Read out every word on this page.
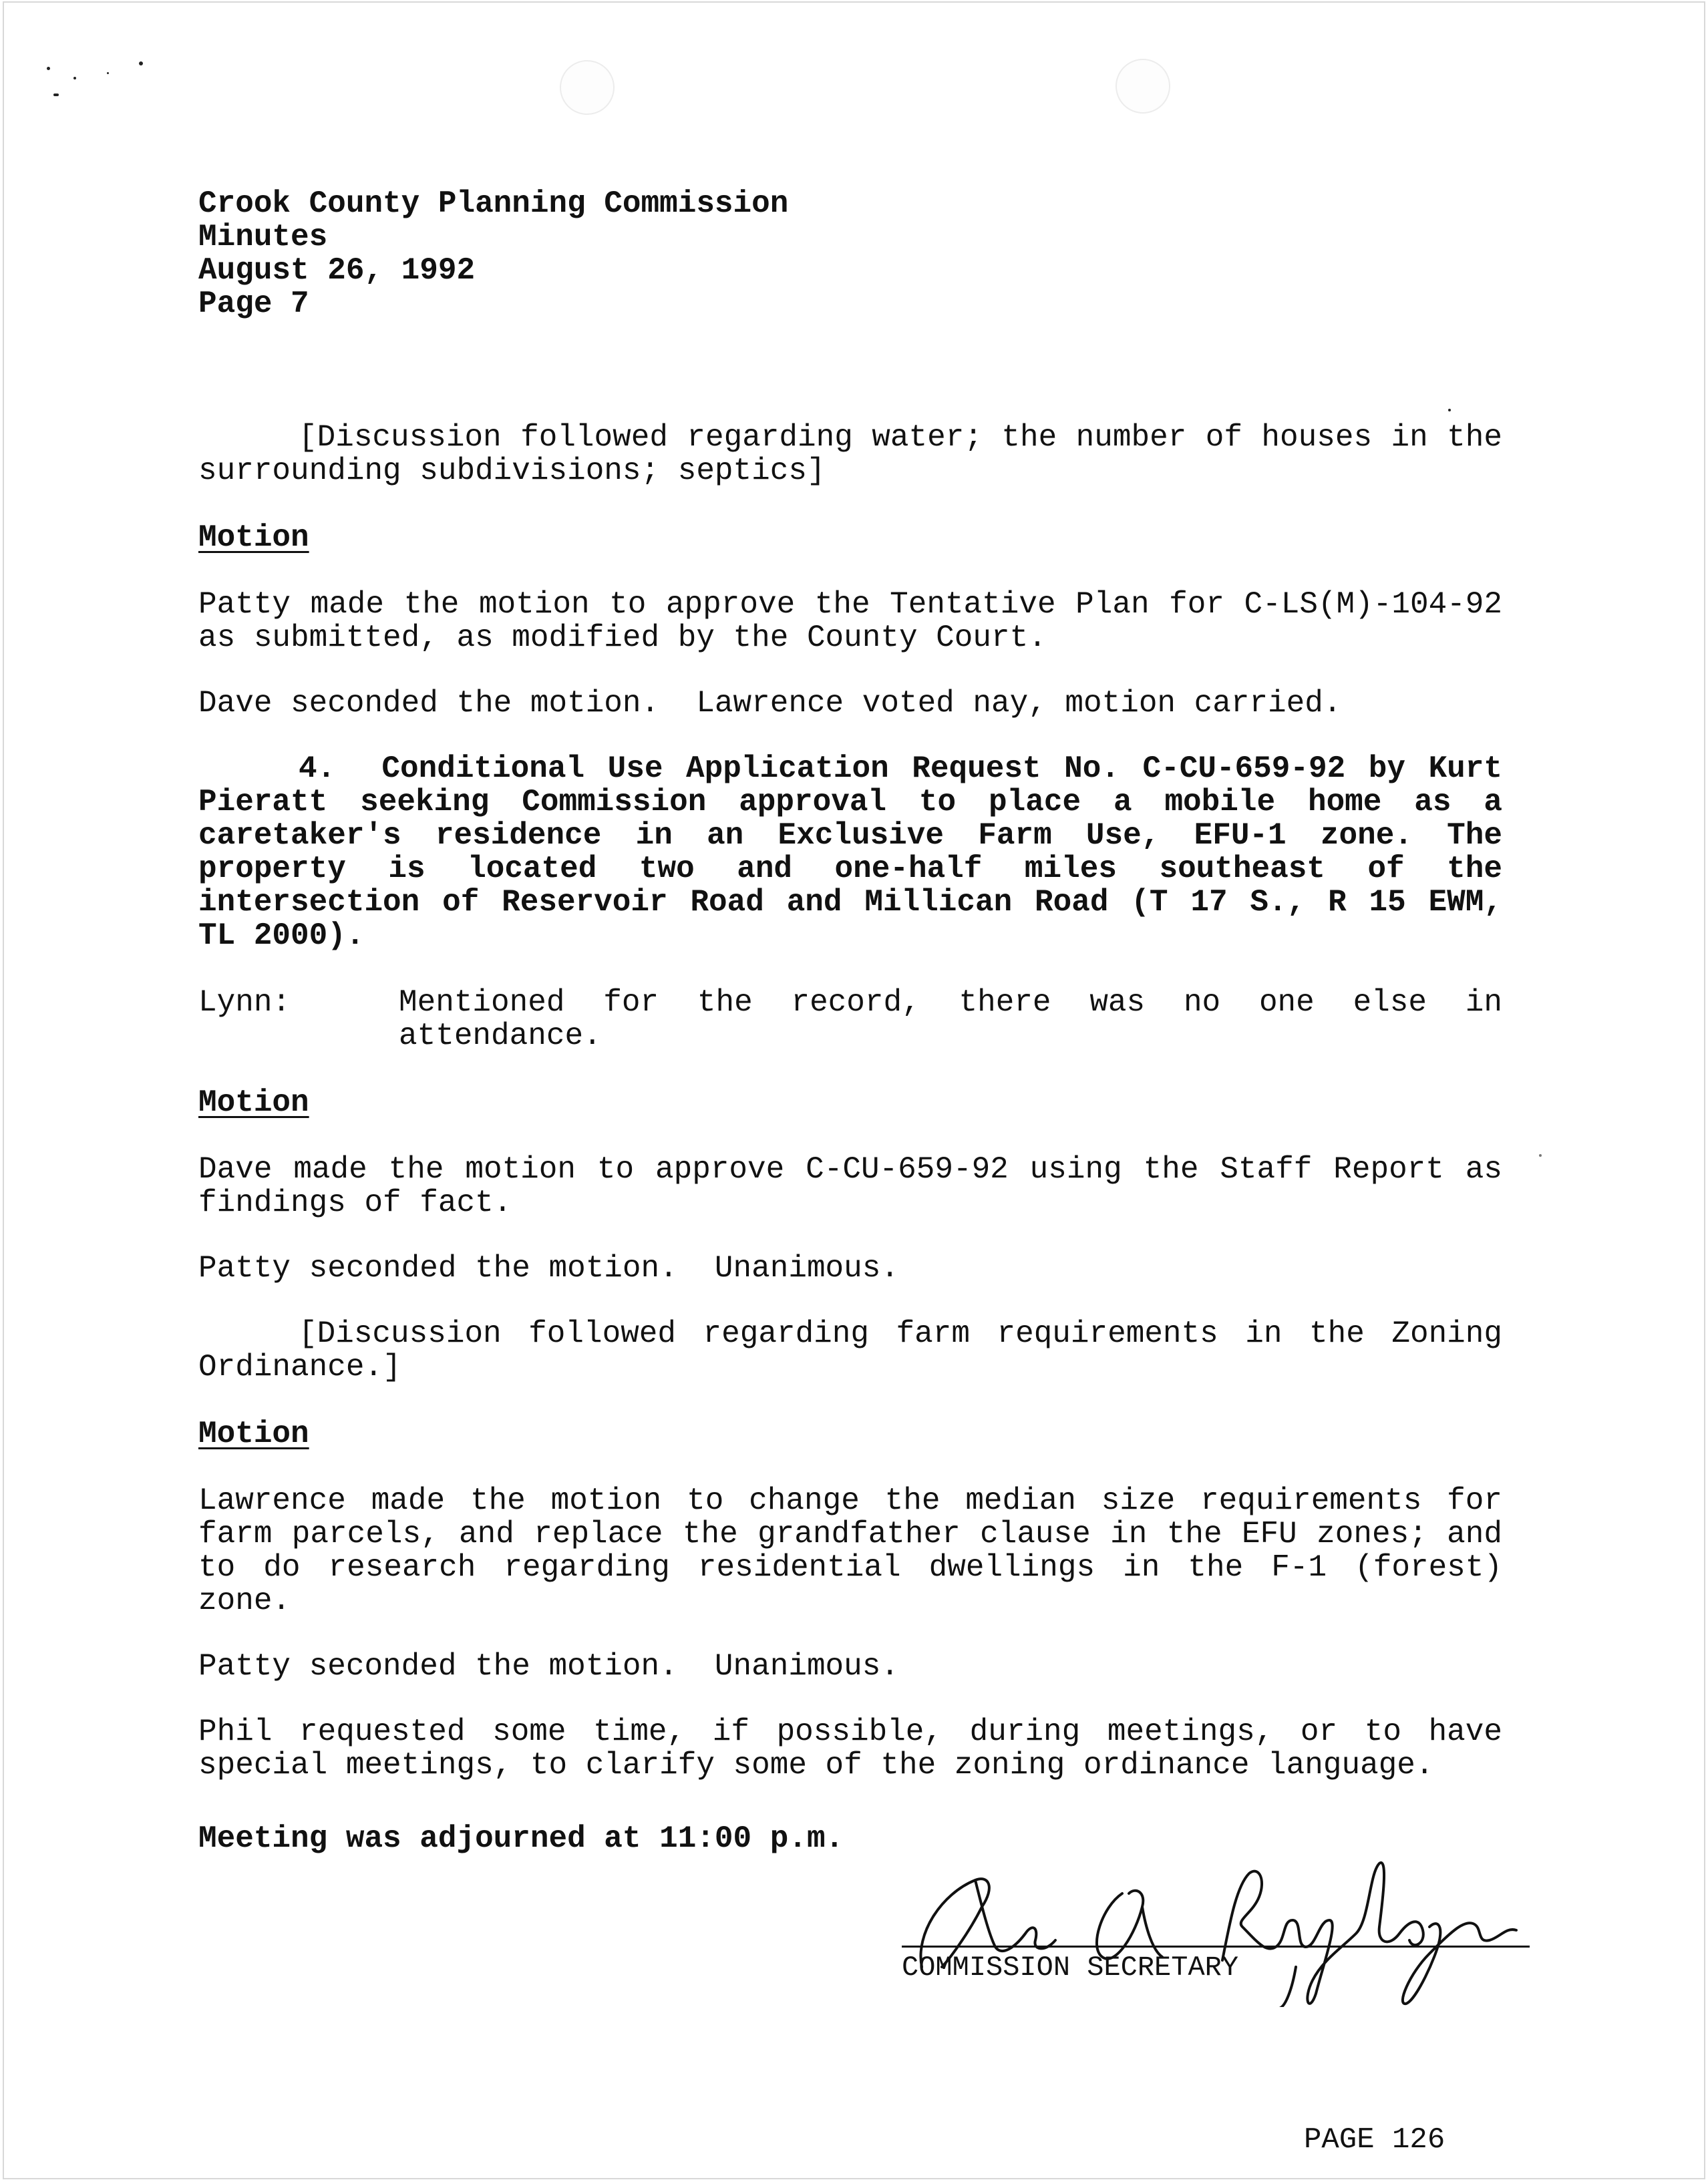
Crook County Planning Commission
Minutes
August 26, 1992
Page 7

[Discussion followed regarding water; the number of houses in the surrounding subdivisions; septics]

Motion

Patty made the motion to approve the Tentative Plan for C-LS(M)-104-92 as submitted, as modified by the County Court.

Dave seconded the motion.  Lawrence voted nay, motion carried.

4. Conditional Use Application Request No. C-CU-659-92 by Kurt Pieratt seeking Commission approval to place a mobile home as a caretaker's residence in an Exclusive Farm Use, EFU-1 zone. The property is located two and one-half miles southeast of the intersection of Reservoir Road and Millican Road (T 17 S., R 15 EWM, TL 2000).

Lynn:	Mentioned for the record, there was no one else in attendance.
Motion

Dave made the motion to approve C-CU-659-92 using the Staff Report as findings of fact.

Patty seconded the motion.  Unanimous.

[Discussion followed regarding farm requirements in the Zoning Ordinance.]

Motion

Lawrence made the motion to change the median size requirements for farm parcels, and replace the grandfather clause in the EFU zones; and to do research regarding residential dwellings in the F-1 (forest) zone.

Patty seconded the motion.  Unanimous.

Phil requested some time, if possible, during meetings, or to have special meetings, to clarify some of the zoning ordinance language.

Meeting was adjourned at 11:00 p.m.
COMMISSION SECRETARY
PAGE 126
